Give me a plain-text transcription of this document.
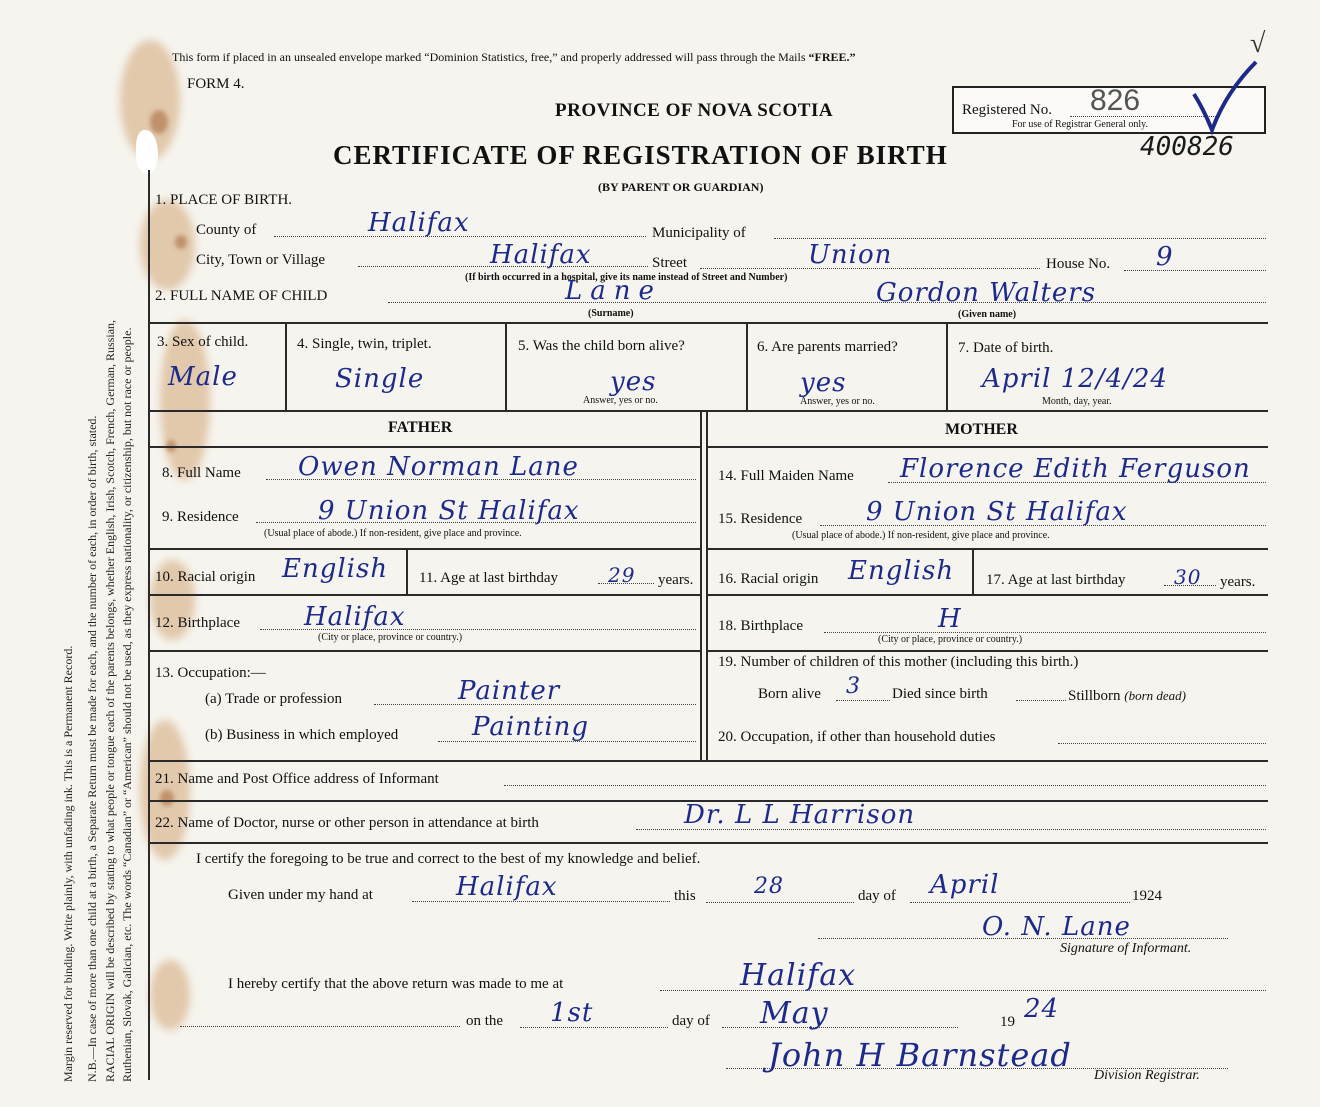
Margin reserved for binding. Write plainly, with unfading ink. This is a Permanent Record. N.B.—In case of more than one child at a birth, a Separate Return must be made for each, and the number of each, in order of birth, stated. RACIAL ORIGIN will be described by stating to what people or tongue each of the parents belongs, whether English, Irish, Scotch, French, German, Russian, Ruthenian, Slovak, Galician, etc. The words “Canadian” or “American” should not be used, as they express nationality, or citizenship, but not race or people.
This form if placed in an unsealed envelope marked “Dominion Statistics, free,” and properly addressed will pass through the Mails “FREE.”
FORM 4.
PROVINCE OF NOVA SCOTIA
CERTIFICATE OF REGISTRATION OF BIRTH
(BY PARENT OR GUARDIAN)
Registered No. 826
For use of Registrar General only.
400826
√
1. PLACE OF BIRTH.
County of	Halifax	Municipality of
City, Town or Village	Halifax	Street	Union	House No. 9
(If birth occurred in a hospital, give its name instead of Street and Number)
2. FULL NAME OF CHILD	Lane
(Surname)
Gordon Walters
(Given name)
3. Sex of child.
Male
4. Single, twin, triplet.
Single
5. Was the child born alive?
yes
Answer, yes or no.
6. Are parents married?
yes
Answer, yes or no.
7. Date of birth.
April 12/4/24
Month, day, year.
FATHER	MOTHER
8. Full Name Owen Norman Lane
9. Residence	9 Union St Halifax
(Usual place of abode.) If non-resident, give place and province.
10. Racial origin English 11. Age at last birthday	29 years.
12. Birthplace Halifax
(City or place, province or country.)
13. Occupation:—
(a) Trade or profession	Painter
(b) Business in which employed	Painting
14. Full Maiden Name Florence Edith Ferguson
15. Residence 9 Union St Halifax
(Usual place of abode.) If non-resident, give place and province.
16. Racial origin English 17. Age at last birthday 30 years.
18. Birthplace	H
(City or place, province or country.)
19. Number of children of this mother (including this birth.)
Born alive 3 Died since birth	Stillborn (born dead)
20. Occupation, if other than household duties
21. Name and Post Office address of Informant
22. Name of Doctor, nurse or other person in attendance at birth	Dr. L L Harrison
I certify the foregoing to be true and correct to the best of my knowledge and belief.
Given under my hand at	Halifax	this	28	day of April	1924
O. N. Lane
Signature of Informant.
I hereby certify that the above return was made to me at	Halifax
on the 1st	day of May	19 24
John H Barnstead
Division Registrar.
